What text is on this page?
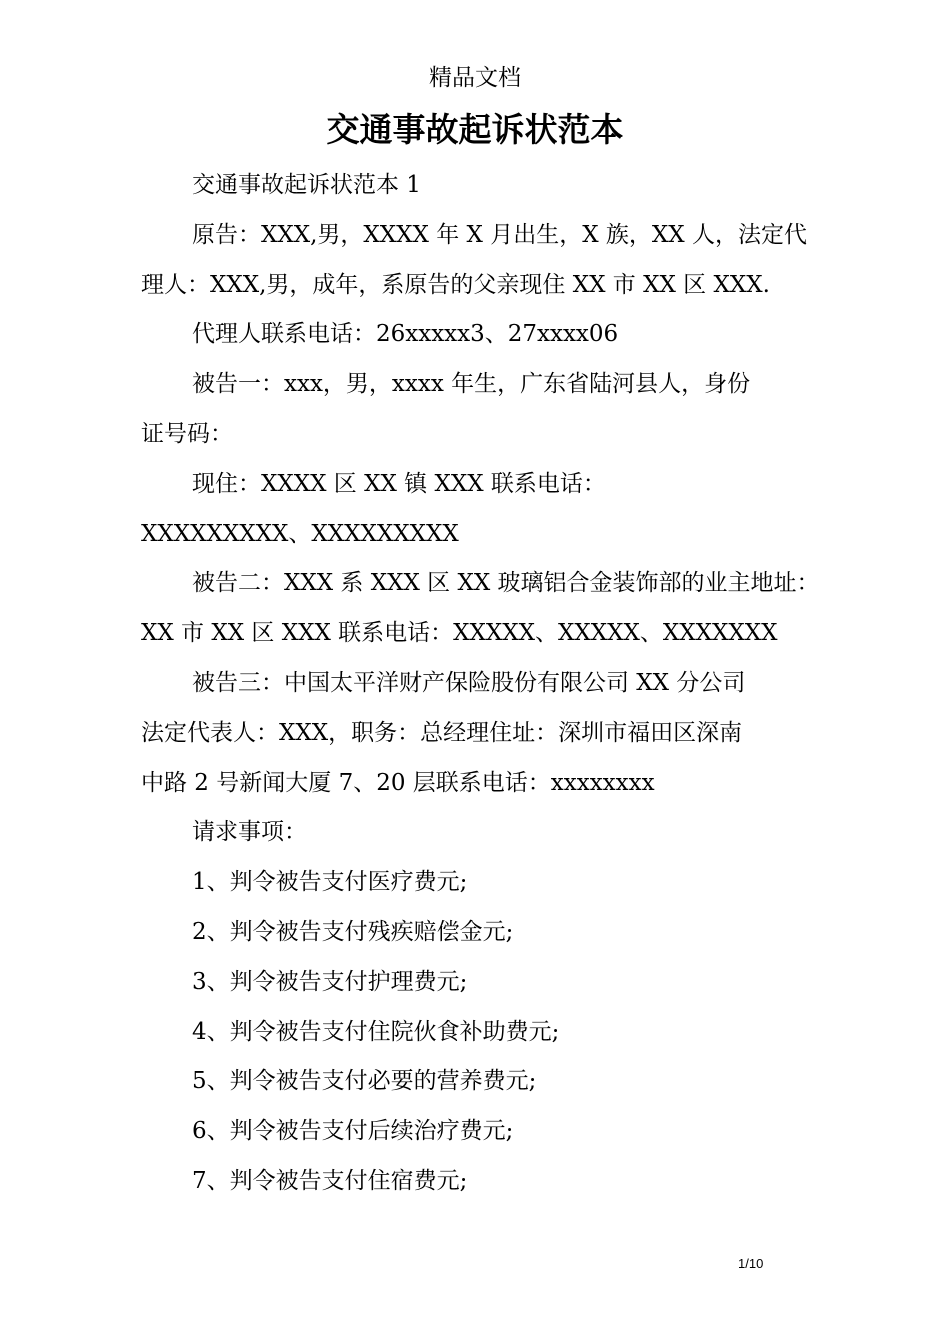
精品文档
交通事故起诉状范本

交通事故起诉状范本 1

原告：XXX,男，XXXX 年 X 月出生，X 族，XX 人，法定代

理人：XXX,男，成年，系原告的父亲现住 XX 市 XX 区 XXX.

代理人联系电话：26xxxxx3、27xxxx06

被告一：xxx，男，xxxx 年生，广东省陆河县人，身份

证号码：

现住：XXXX 区 XX 镇 XXX 联系电话：

XXXXXXXXX、XXXXXXXXX

被告二：XXX 系 XXX 区 XX 玻璃铝合金装饰部的业主地址：

XX 市 XX 区 XXX 联系电话：XXXXX、XXXXX、XXXXXXX

被告三：中国太平洋财产保险股份有限公司 XX 分公司

法定代表人：XXX，职务：总经理住址：深圳市福田区深南

中路 2 号新闻大厦 7、20 层联系电话：xxxxxxxx

请求事项：

1、判令被告支付医疗费元;

2、判令被告支付残疾赔偿金元;

3、判令被告支付护理费元;

4、判令被告支付住院伙食补助费元;

5、判令被告支付必要的营养费元;

6、判令被告支付后续治疗费元;

7、判令被告支付住宿费元;

1/10
